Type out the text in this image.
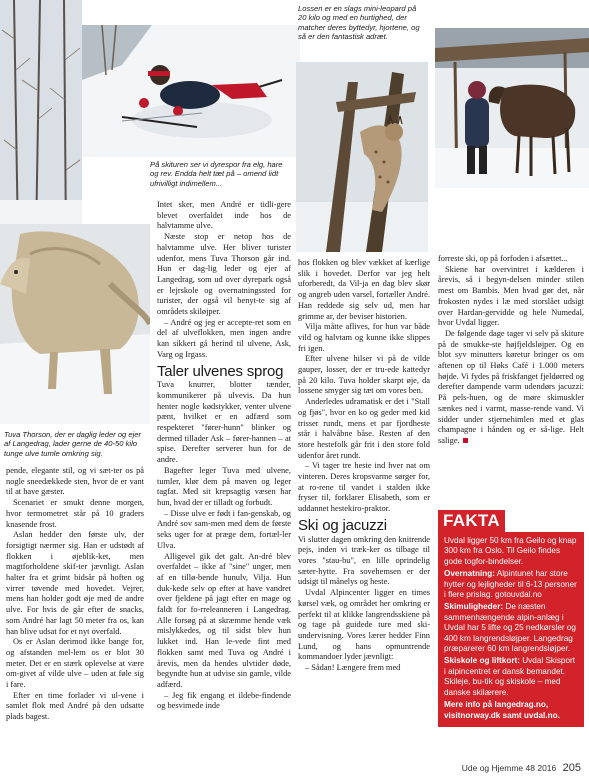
På skituren ser vi dyrespor fra elg, hare og rev. Endda helt tæt på – omend lidt ufrivilligt indimellem...
Lossen er en slags mini-leopard på 20 kilo og med en hurtighed, der matcher deres byttedyr, hjortene, og så er den fantastisk adræt.
Tuva Thorson, der er daglig leder og ejer af Langedrag, lader gerne de 40-50 kilo tunge ulve tumle omkring sig.

pende, elegante stil, og vi sæt-ter os på nogle sneedækkede sten, hvor de er vant til at have gæster.

Scenariet er smukt denne morgen, hvor termometret står på 10 graders knasende frost.

Aslan hedder den første ulv, der forsigtigt nærmer sig. Han er udstødt af flokken i øjeblik-ket, men magtforholdene skif-ter jævnligt. Aslan halter fra et grimt bidsår på hoften og virrer tøvende med hovedet. Vejrer, mens han holder godt øje med de andre ulve. For hvis de går efter de snacks, som André har lagt 50 meter fra os, kan han blive udsat for et nyt overfald.

Os er Aslan derimod ikke bange for, og afstanden mel-lem os er blot 30 meter. Det er en stærk oplevelse at være om-givet af vilde ulve – uden at føle sig i fare.

Efter en time forlader vi ul-vene i samlet flok med André på den udsatte plads bagest.

Intet sker, men André er tidli-gere blevet overfaldet inde hos de halvtamme ulve.

Næste stop er netop hos de halvtamme ulve. Her bliver turister udenfor, mens Tuva Thorson går ind. Hun er dag-lig leder og ejer af Langedrag, som ud over dyrepark også er lejrskole og overnatningssted for turister, der også vil benyt-te sig af områdets skiløjper.

– André og jeg er accepte-ret som en del af ulveflokken, men ingen andre kan sikkert gå herind til ulvene, Ask, Varg og Irgass.

Taler ulvenes sprog

Tuva knurrer, blotter tænder, kommunikerer på ulvevis. Da hun henter nogle kødstykker, venter ulvene pænt, hvilket er en adfærd som respekteret "fører-hunn" blinker og dermed tillader Ask – fører-hannen – at spise. Derefter serverer hun for de andre.

Bagefter leger Tuva med ulvene, tumler, klør dem på maven og leger tagfat. Med sit krepsagtig væsen har hun, hvad der er tilladt og forbudt.

– Disse ulve er født i fan-genskab, og André sov sam-men med dem de første seks uger for at præge dem, fortæl-ler Ulva.

Alligevel gik det galt. An-dré blev overfaldet – ikke af "sine" unger, men af en tillø-bende hunulv, Vilja. Hun duk-kede selv op efter at have vandret over fjeldene på jagt efter en mage og faldt for fo-rreleanneren i Langedrag. Alle forsøg på at skræmme hende væk mislykkedes, og til sidst blev hun lukket ind. Han le-vede fint med flokken samt med Tuva og André i årevis, men da hendes ulvtider døde, begyndte hun at udvise sin gamle, vilde adfærd.

– Jeg fik engang et ildebe-findende og besvimede inde

hos flokken og blev vækket af kærlige slik i hovedet. Derfor var jeg helt uforberedt, da Vil-ja en dag blev skør og angreb uden varsel, fortæller André. Han reddede sig selv ud, men har grimme ar, der beviser historien.

Vilja måtte aflives, for hun var både vild og halvtam og kunne ikke slippes fri igen.

Efter ulvene hilser vi på de vilde gauper, losser, der er tru-ede kattedyr på 20 kilo. Tuva holder skarpt øje, da lossene smyger sig tæt om vores ben.

Anderledes udramatisk er det i "Stall og fjøs", hvor en ko og geder med kid trisser rundt, mens et par fjordheste står i halvåbne båse. Resten af den store hestefolk går frit i den store fold udenfor året rundt.

– Vi tager tre heste ind hver nat om vinteren. Deres kropsvarme sørger for, at ro-rene til vandet i stalden ikke fryser til, forklarer Elisabeth, som er uddannet hestekiro-praktor.

Ski og jacuzzi

Vi slutter dagen omkring den knitrende pejs, inden vi træk-ker os tilbage til vores "stau-bu", en lille oprindelig sæter-hytte. Fra sovehemsen er der udsigt til månelys og heste.

Uvdal Alpincenter ligger en times kørsel væk, og området her omkring er perfekt til at klikke langrendsskiene på og tage på guidede ture med ski-undervisning. Vores lærer hedder Finn Lund, og hans opmuntrende kommandoer lyder jævnligt:

– Sådan! Længere frem med

forreste ski, op på forfoden i afsættet...

Skiene har overvintret i kælderen i årevis, så i begyn-delsen minder stilen mest om Bambis. Men hvad gør det, når frokosten nydes i læ med storslået udsigt over Hardan-gervidde og hele Numedal, hvor Uvdal ligger.

De følgende dage tager vi selv på skiture på de smukke-ste højfjeldsløjper. Og en blot syv minutters køretur bringer os om aftenen op til Høks Café i 1.000 meters højde. Vi fydes på friskfanget fjeldørred og derefter dampende varm udendørs jacuzzi: På pels-huen, og de møre skimuskler sænkes ned i varmt, masse-rende vand. Vi sidder under stjernehimlen med et glas champagne i hånden og er så-lige. Helt salige.

FAKTA

Uvdal ligger 50 km fra Geilo og knap 300 km fra Oslo. Til Geilo findes gode togfor-bindelser.

Overnatning: Alpintunet har store hytter og lejligheder til 6-13 personer i flere prislag. gotouvdal.no

Skimuligheder: De næsten sammenhængende alpin-anlæg i Uvdal har 5 lifte og 25 nedkørsler og 400 km langrendsløjper. Langedrag præparerer 60 km langrendsløjper.

Skiskole og liftkort: Uvdal Skisport i alpincentret er dansk bemandet. Skileje, bu-tik og skiskole – med danske skilærere.

Mere info på langedrag.no, visitnorway.dk samt uvdal.no.

Ude og Hjemme 48 2016 205
